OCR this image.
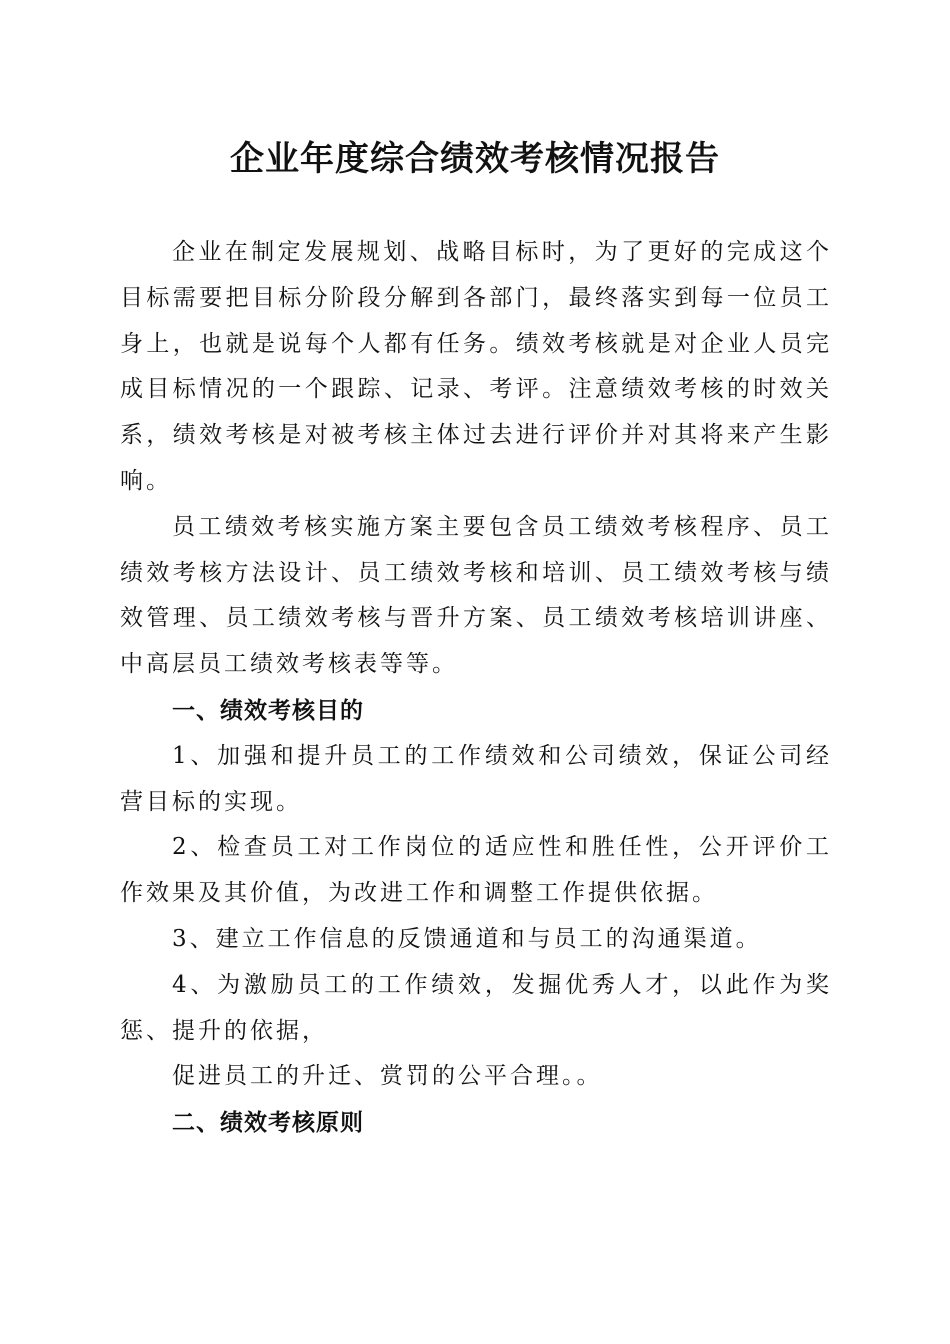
企业年度综合绩效考核情况报告

企业在制定发展规划、战略目标时，为了更好的完成这个目标需要把目标分阶段分解到各部门，最终落实到每一位员工身上，也就是说每个人都有任务。绩效考核就是对企业人员完成目标情况的一个跟踪、记录、考评。注意绩效考核的时效关系，绩效考核是对被考核主体过去进行评价并对其将来产生影响。

员工绩效考核实施方案主要包含员工绩效考核程序、员工绩效考核方法设计、员工绩效考核和培训、员工绩效考核与绩效管理、员工绩效考核与晋升方案、员工绩效考核培训讲座、中高层员工绩效考核表等等。

一、绩效考核目的

1、加强和提升员工的工作绩效和公司绩效，保证公司经营目标的实现。

2、检查员工对工作岗位的适应性和胜任性，公开评价工作效果及其价值，为改进工作和调整工作提供依据。

3、建立工作信息的反馈通道和与员工的沟通渠道。

4、为激励员工的工作绩效，发掘优秀人才，以此作为奖惩、提升的依据，

促进员工的升迁、赏罚的公平合理。。

二、绩效考核原则
